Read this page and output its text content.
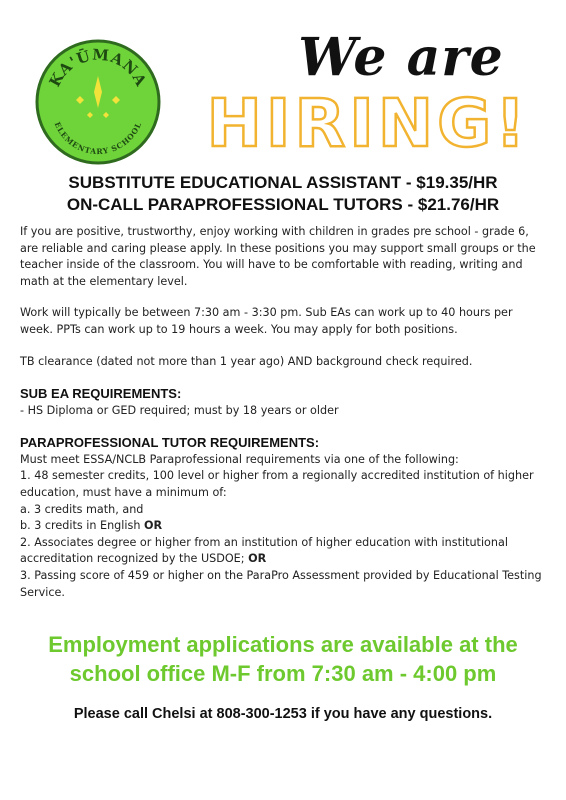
KA'ŪMANA
ELEMENTARY SCHOOL
We are
HIRING!
SUBSTITUTE EDUCATIONAL ASSISTANT - $19.35/HR
ON-CALL PARAPROFESSIONAL TUTORS - $21.76/HR

If you are positive, trustworthy, enjoy working with children in grades pre school - grade 6, are reliable and caring please apply. In these positions you may support small groups or the teacher inside of the classroom. You will have to be comfortable with reading, writing and math at the elementary level.

Work will typically be between 7:30 am - 3:30 pm. Sub EAs can work up to 40 hours per week. PPTs can work up to 19 hours a week. You may apply for both positions.

TB clearance (dated not more than 1 year ago) AND background check required.

SUB EA REQUIREMENTS:
- HS Diploma or GED required; must by 18 years or older
PARAPROFESSIONAL TUTOR REQUIREMENTS:
Must meet ESSA/NCLB Paraprofessional requirements via one of the following:
1. 48 semester credits, 100 level or higher from a regionally accredited institution of higher education, must have a minimum of:
a. 3 credits math, and
b. 3 credits in English OR
2. Associates degree or higher from an institution of higher education with institutional accreditation recognized by the USDOE; OR
3. Passing score of 459 or higher on the ParaPro Assessment provided by Educational Testing Service.
Employment applications are available at the
school office M-F from 7:30 am - 4:00 pm
Please call Chelsi at 808-300-1253 if you have any questions.
